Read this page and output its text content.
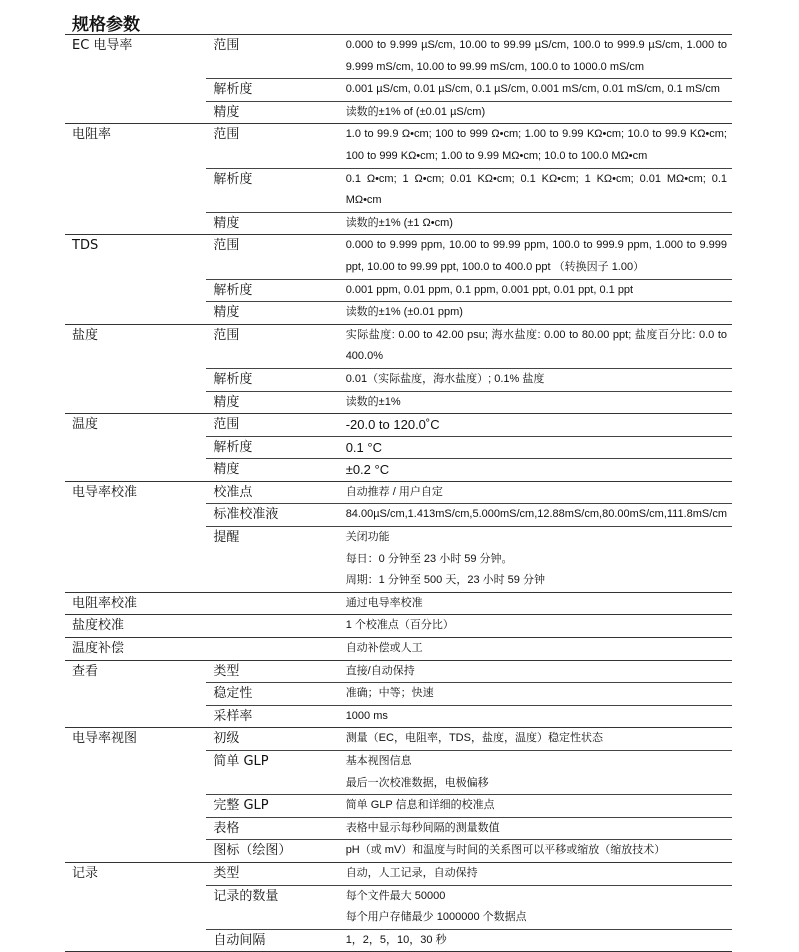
规格参数
EC 电导率	范围	0.000 to 9.999 µS/cm, 10.00 to 99.99 µS/cm, 100.0 to 999.9 µS/cm, 1.000 to 9.999 mS/cm, 10.00 to 99.99 mS/cm, 100.0 to 1000.0 mS/cm

	解析度	0.001 µS/cm, 0.01 µS/cm, 0.1 µS/cm, 0.001 mS/cm, 0.01 mS/cm, 0.1 mS/cm

	精度	读数的±1% of (±0.01 µS/cm)

电阻率	范围	1.0 to 99.9 Ω•cm; 100 to 999 Ω•cm; 1.00 to 9.99 KΩ•cm; 10.0 to 99.9 KΩ•cm; 100 to 999 KΩ•cm; 1.00 to 9.99 MΩ•cm; 10.0 to 100.0 MΩ•cm

	解析度	0.1 Ω•cm; 1 Ω•cm; 0.01 KΩ•cm; 0.1 KΩ•cm; 1 KΩ•cm; 0.01 MΩ•cm; 0.1 MΩ•cm

	精度	读数的±1% (±1 Ω•cm)

TDS	范围	0.000 to 9.999 ppm, 10.00 to 99.99 ppm, 100.0 to 999.9 ppm, 1.000 to 9.999 ppt, 10.00 to 99.99 ppt, 100.0 to 400.0 ppt （转换因子 1.00）

	解析度	0.001 ppm, 0.01 ppm, 0.1 ppm, 0.001 ppt, 0.01 ppt, 0.1 ppt

	精度	读数的±1% (±0.01 ppm)

盐度	范围	实际盐度: 0.00 to 42.00 psu; 海水盐度: 0.00 to 80.00 ppt; 盐度百分比: 0.0 to 400.0%

	解析度	0.01（实际盐度，海水盐度）; 0.1% 盐度

	精度	读数的±1%

温度	范围	-20.0 to 120.0˚C

	解析度	0.1 °C

	精度	±0.2 °C

电导率校准	校准点	自动推荐 / 用户自定

	标准校准液	84.00µS/cm,1.413mS/cm,5.000mS/cm,12.88mS/cm,80.00mS/cm,111.8mS/cm

	提醒	关闭功能
每日：0 分钟至 23 小时 59 分钟。
周期：1 分钟至 500 天，23 小时 59 分钟

电阻率校准		通过电导率校准

盐度校准		1 个校准点（百分比）

温度补偿		自动补偿或人工

查看	类型	直接/自动保持

	稳定性	准确；中等；快速

	采样率	1000 ms

电导率视图	初级	测量（EC，电阻率，TDS，盐度，温度）稳定性状态

	简单 GLP	基本视图信息
最后一次校准数据，电极偏移

	完整 GLP	简单 GLP 信息和详细的校准点

	表格	表格中显示每秒间隔的测量数值

	图标（绘图）	pH（或 mV）和温度与时间的关系图可以平移或缩放（缩放技术）

记录	类型	自动，人工记录，自动保持

	记录的数量	每个文件最大 50000
每个用户存储最少 1000000 个数据点

	自动间隔	1，2，5，10，30 秒
